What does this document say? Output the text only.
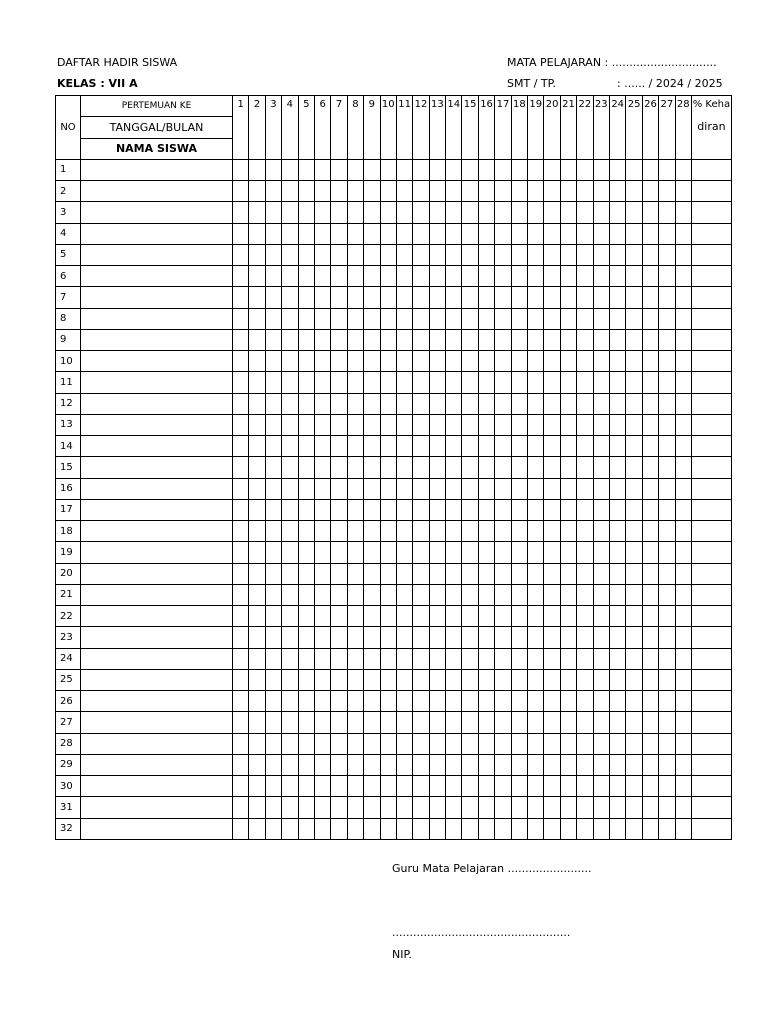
DAFTAR HADIR SISWA
KELAS : VII A
MATA PELAJARAN : ..............................
SMT / TP.	: ...... / 2024 / 2025
NO	PERTEMUAN KE	1	2	3	4	5	6	7	8	9	10	11	12	13	14	15	16	17	18	19	20	21	22	23	24	25	26	27	28	% Keha
diran

	TANGGAL/BULAN																													
	NAMA SISWA																													
1																														
2																														
3																														
4																														
5																														
6																														
7																														
8																														
9																														
10																														
11																														
12																														
13																														
14																														
15																														
16																														
17																														
18																														
19																														
20																														
21																														
22																														
23																														
24																														
25																														
26																														
27																														
28																														
29																														
30																														
31																														
32																														
Guru Mata Pelajaran ........................
...................................................
NIP.
